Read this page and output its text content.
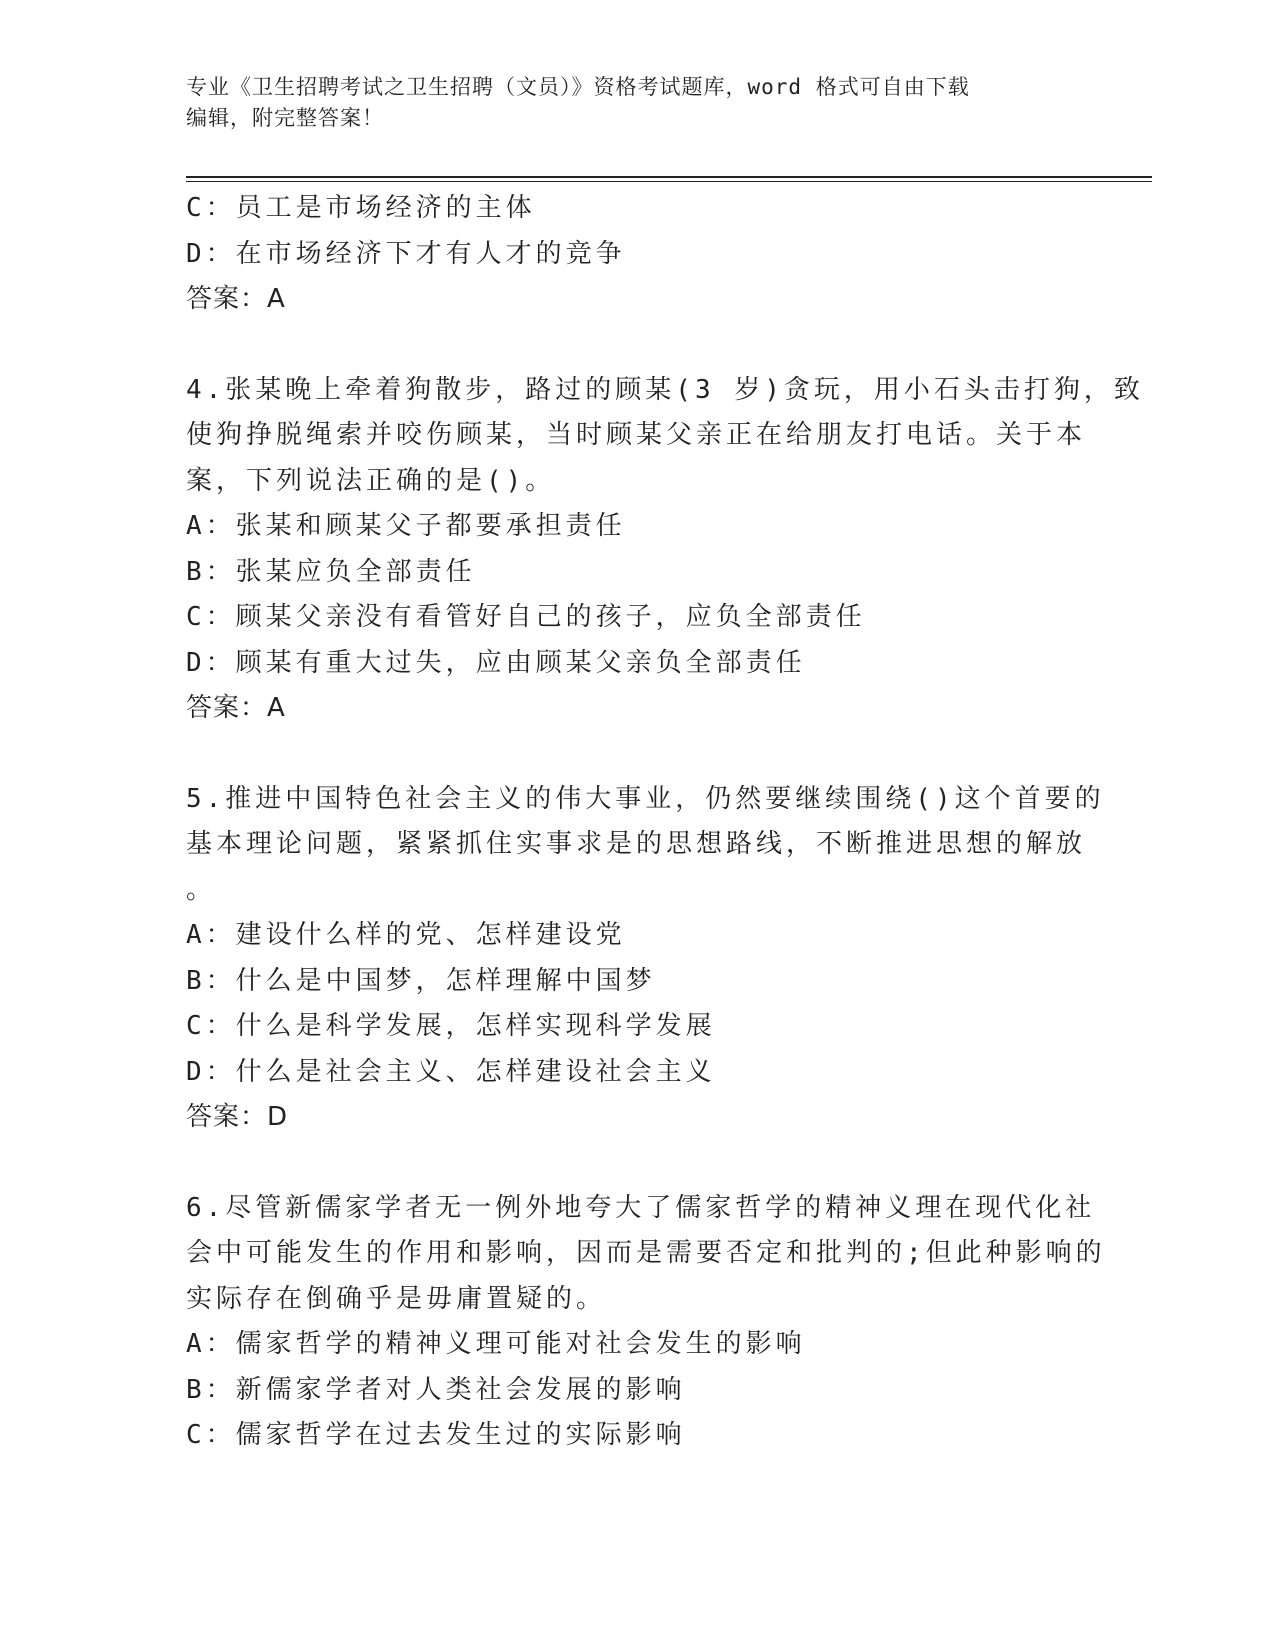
专业《卫生招聘考试之卫生招聘（文员）》资格考试题库，word 格式可自由下载
编辑，附完整答案！
C：员工是市场经济的主体
D：在市场经济下才有人才的竞争
答案：A
4.张某晚上牵着狗散步，路过的顾某(3 岁)贪玩，用小石头击打狗，致
使狗挣脱绳索并咬伤顾某，当时顾某父亲正在给朋友打电话。关于本
案，下列说法正确的是()。
A：张某和顾某父子都要承担责任
B：张某应负全部责任
C：顾某父亲没有看管好自己的孩子，应负全部责任
D：顾某有重大过失，应由顾某父亲负全部责任
答案：A
5.推进中国特色社会主义的伟大事业，仍然要继续围绕()这个首要的
基本理论问题，紧紧抓住实事求是的思想路线，不断推进思想的解放
。
A：建设什么样的党、怎样建设党
B：什么是中国梦，怎样理解中国梦
C：什么是科学发展，怎样实现科学发展
D：什么是社会主义、怎样建设社会主义
答案：D
6.尽管新儒家学者无一例外地夸大了儒家哲学的精神义理在现代化社
会中可能发生的作用和影响，因而是需要否定和批判的;但此种影响的
实际存在倒确乎是毋庸置疑的。
A：儒家哲学的精神义理可能对社会发生的影响
B：新儒家学者对人类社会发展的影响
C：儒家哲学在过去发生过的实际影响
